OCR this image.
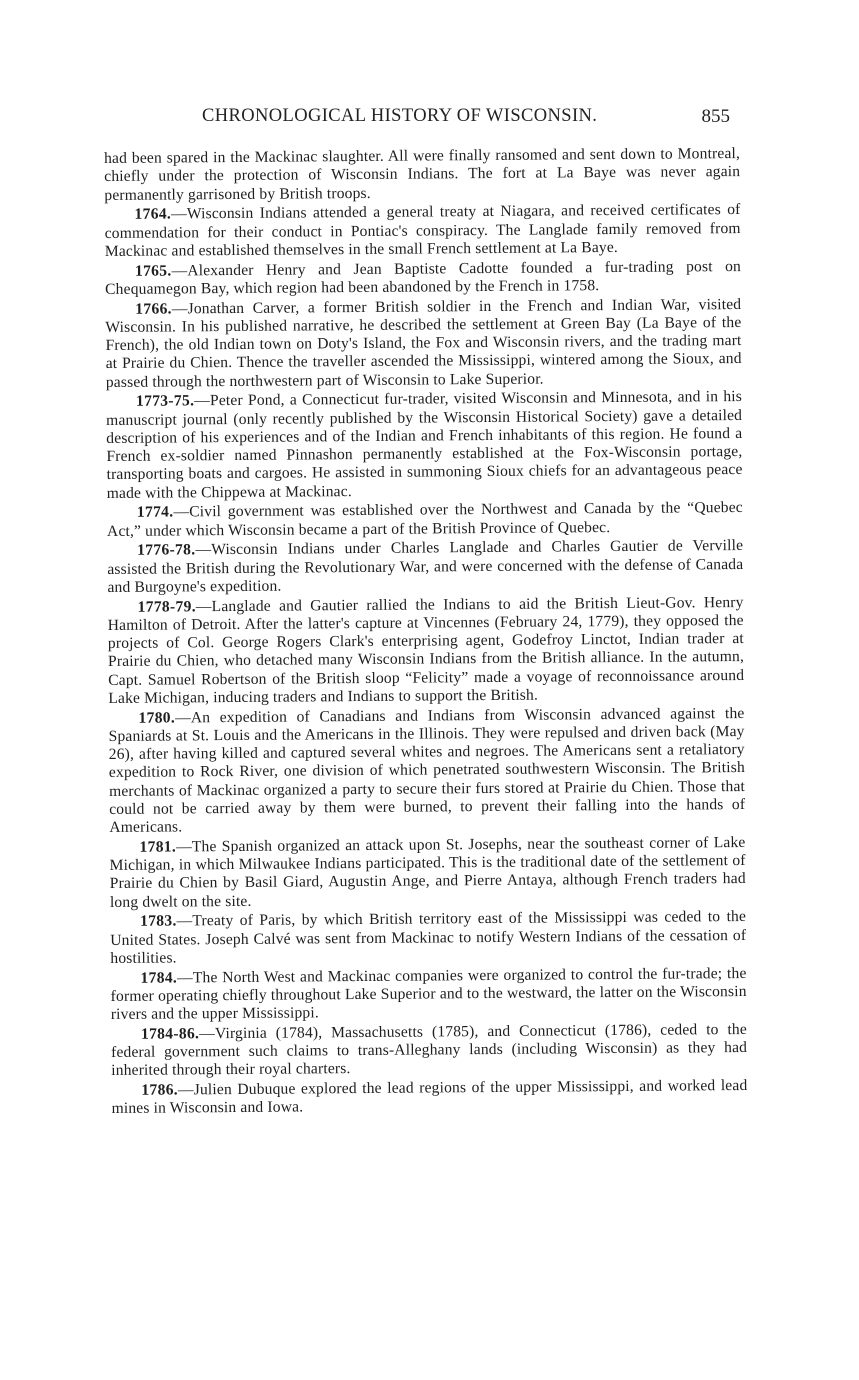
CHRONOLOGICAL HISTORY OF WISCONSIN.	855

had been spared in the Mackinac slaughter. All were finally ransomed and sent down to Montreal, chiefly under the protection of Wisconsin Indians. The fort at La Baye was never again permanently garrisoned by British troops.

1764.—Wisconsin Indians attended a general treaty at Niagara, and received certificates of commendation for their conduct in Pontiac's conspiracy. The Langlade family removed from Mackinac and established themselves in the small French settlement at La Baye.

1765.—Alexander Henry and Jean Baptiste Cadotte founded a fur-trading post on Chequamegon Bay, which region had been abandoned by the French in 1758.

1766.—Jonathan Carver, a former British soldier in the French and Indian War, visited Wisconsin. In his published narrative, he described the settlement at Green Bay (La Baye of the French), the old Indian town on Doty's Island, the Fox and Wisconsin rivers, and the trading mart at Prairie du Chien. Thence the traveller ascended the Mississippi, wintered among the Sioux, and passed through the northwestern part of Wisconsin to Lake Superior.

1773-75.—Peter Pond, a Connecticut fur-trader, visited Wisconsin and Minnesota, and in his manuscript journal (only recently published by the Wisconsin Historical Society) gave a detailed description of his experiences and of the Indian and French inhabitants of this region. He found a French ex-soldier named Pinnashon permanently established at the Fox-Wisconsin portage, transporting boats and cargoes. He assisted in summoning Sioux chiefs for an advantageous peace made with the Chippewa at Mackinac.

1774.—Civil government was established over the Northwest and Canada by the “Quebec Act,” under which Wisconsin became a part of the British Province of Quebec.

1776-78.—Wisconsin Indians under Charles Langlade and Charles Gautier de Verville assisted the British during the Revolutionary War, and were concerned with the defense of Canada and Burgoyne's expedition.

1778-79.—Langlade and Gautier rallied the Indians to aid the British Lieut-Gov. Henry Hamilton of Detroit. After the latter's capture at Vincennes (February 24, 1779), they opposed the projects of Col. George Rogers Clark's enterprising agent, Godefroy Linctot, Indian trader at Prairie du Chien, who detached many Wisconsin Indians from the British alliance. In the autumn, Capt. Samuel Robertson of the British sloop “Felicity” made a voyage of reconnoissance around Lake Michigan, inducing traders and Indians to support the British.

1780.—An expedition of Canadians and Indians from Wisconsin advanced against the Spaniards at St. Louis and the Americans in the Illinois. They were repulsed and driven back (May 26), after having killed and captured several whites and negroes. The Americans sent a retaliatory expedition to Rock River, one division of which penetrated southwestern Wisconsin. The British merchants of Mackinac organized a party to secure their furs stored at Prairie du Chien. Those that could not be carried away by them were burned, to prevent their falling into the hands of Americans.

1781.—The Spanish organized an attack upon St. Josephs, near the southeast corner of Lake Michigan, in which Milwaukee Indians participated. This is the traditional date of the settlement of Prairie du Chien by Basil Giard, Augustin Ange, and Pierre Antaya, although French traders had long dwelt on the site.

1783.—Treaty of Paris, by which British territory east of the Mississippi was ceded to the United States. Joseph Calvé was sent from Mackinac to notify Western Indians of the cessation of hostilities.

1784.—The North West and Mackinac companies were organized to control the fur-trade; the former operating chiefly throughout Lake Superior and to the westward, the latter on the Wisconsin rivers and the upper Mississippi.

1784-86.—Virginia (1784), Massachusetts (1785), and Connecticut (1786), ceded to the federal government such claims to trans-Alleghany lands (including Wisconsin) as they had inherited through their royal charters.

1786.—Julien Dubuque explored the lead regions of the upper Mississippi, and worked lead mines in Wisconsin and Iowa.
